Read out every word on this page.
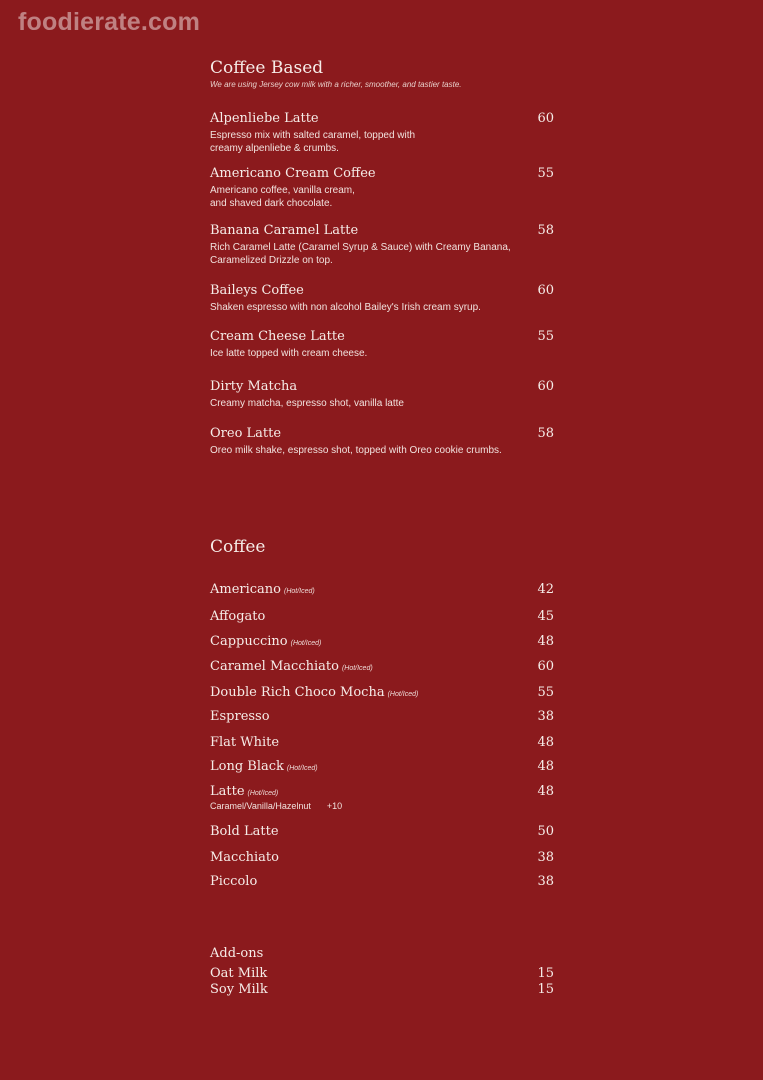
foodierate.com
Coffee Based
We are using Jersey cow milk with a richer, smoother, and tastier taste.
Alpenliebe Latte	60
Espresso mix with salted caramel, topped with
creamy alpenliebe & crumbs.
Americano Cream Coffee	55
Americano coffee, vanilla cream,
and shaved dark chocolate.
Banana Caramel Latte	58
Rich Caramel Latte (Caramel Syrup & Sauce) with Creamy Banana,
Caramelized Drizzle on top.
Baileys Coffee	60
Shaken espresso with non alcohol Bailey's Irish cream syrup.
Cream Cheese Latte	55
Ice latte topped with cream cheese.
Dirty Matcha	60
Creamy matcha, espresso shot, vanilla latte
Oreo Latte	58
Oreo milk shake, espresso shot, topped with Oreo cookie crumbs.
Coffee
Americano (Hot/Iced)	42
Affogato	45
Cappuccino (Hot/Iced)	48
Caramel Macchiato (Hot/Iced)	60
Double Rich Choco Mocha (Hot/Iced)	55
Espresso	38
Flat White	48
Long Black (Hot/Iced)	48
Latte (Hot/Iced)	48
Caramel/Vanilla/Hazelnut +10
Bold Latte	50
Macchiato	38
Piccolo	38
Add-ons
Oat Milk	15
Soy Milk	15
